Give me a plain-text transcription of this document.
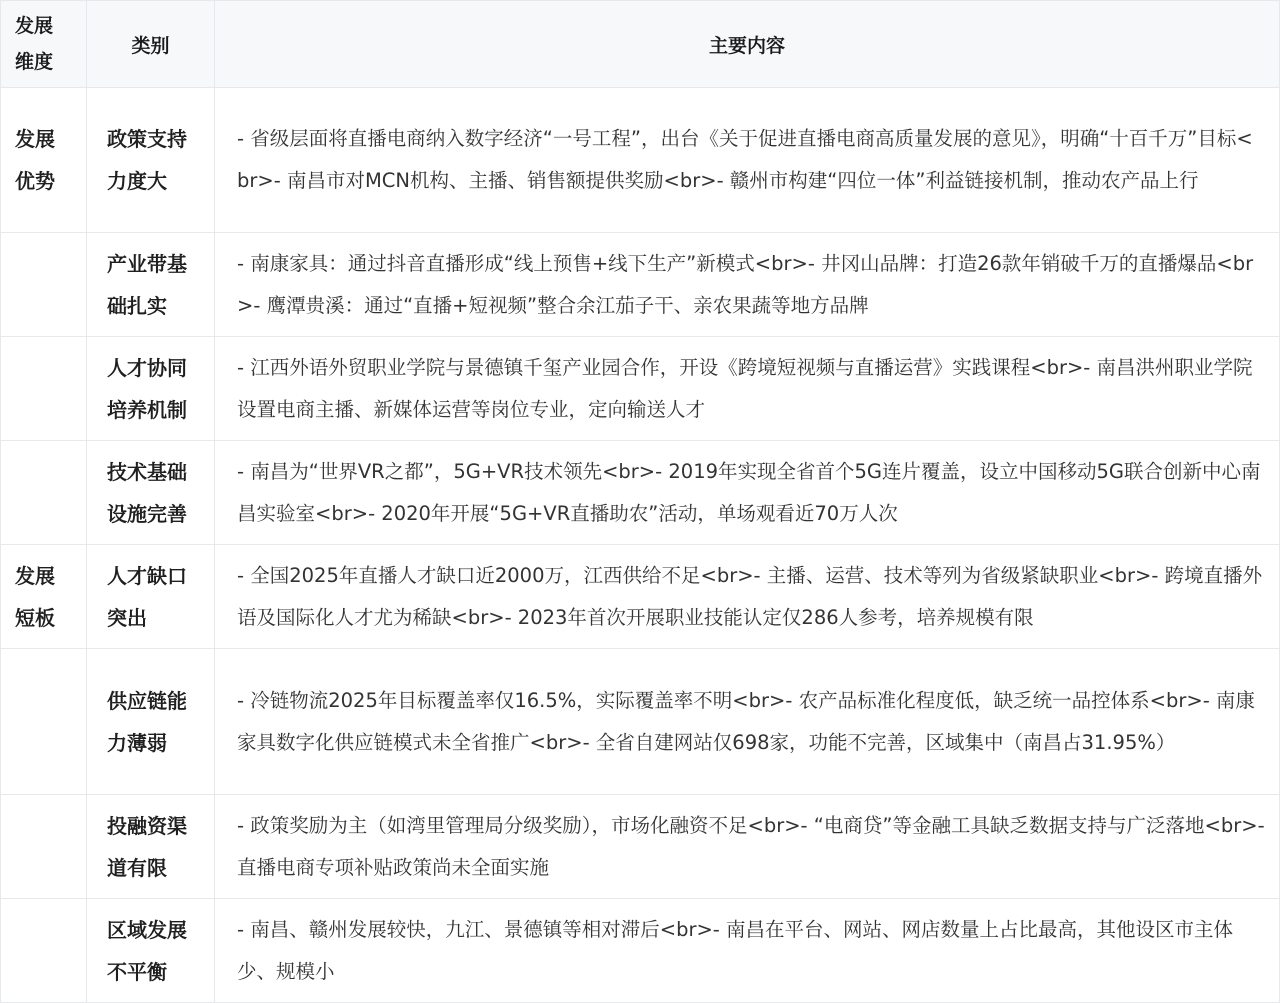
发展维度	类别	主要内容

发展优势	政策支持力度大	- 省级层面将直播电商纳入数字经济“一号工程”，出台《关于促进直播电商高质量发展的意见》，明确“十百千万”目标<br>- 南昌市对MCN机构、主播、销售额提供奖励<br>- 赣州市构建“四位一体”利益链接机制，推动农产品上行

	产业带基础扎实	- 南康家具：通过抖音直播形成“线上预售+线下生产”新模式<br>- 井冈山品牌：打造26款年销破千万的直播爆品<br>- 鹰潭贵溪：通过“直播+短视频”整合余江茄子干、亲农果蔬等地方品牌

	人才协同培养机制	- 江西外语外贸职业学院与景德镇千玺产业园合作，开设《跨境短视频与直播运营》实践课程<br>- 南昌洪州职业学院设置电商主播、新媒体运营等岗位专业，定向输送人才

	技术基础设施完善	- 南昌为“世界VR之都”，5G+VR技术领先<br>- 2019年实现全省首个5G连片覆盖，设立中国移动5G联合创新中心南昌实验室<br>- 2020年开展“5G+VR直播助农”活动，单场观看近70万人次

发展短板	人才缺口突出	- 全国2025年直播人才缺口近2000万，江西供给不足<br>- 主播、运营、技术等列为省级紧缺职业<br>- 跨境直播外语及国际化人才尤为稀缺<br>- 2023年首次开展职业技能认定仅286人参考，培养规模有限

	供应链能力薄弱	- 冷链物流2025年目标覆盖率仅16.5%，实际覆盖率不明<br>- 农产品标准化程度低，缺乏统一品控体系<br>- 南康家具数字化供应链模式未全省推广<br>- 全省自建网站仅698家，功能不完善，区域集中（南昌占31.95%）

	投融资渠道有限	- 政策奖励为主（如湾里管理局分级奖励），市场化融资不足<br>- “电商贷”等金融工具缺乏数据支持与广泛落地<br>- 直播电商专项补贴政策尚未全面实施

	区域发展不平衡	- 南昌、赣州发展较快，九江、景德镇等相对滞后<br>- 南昌在平台、网站、网店数量上占比最高，其他设区市主体少、规模小
